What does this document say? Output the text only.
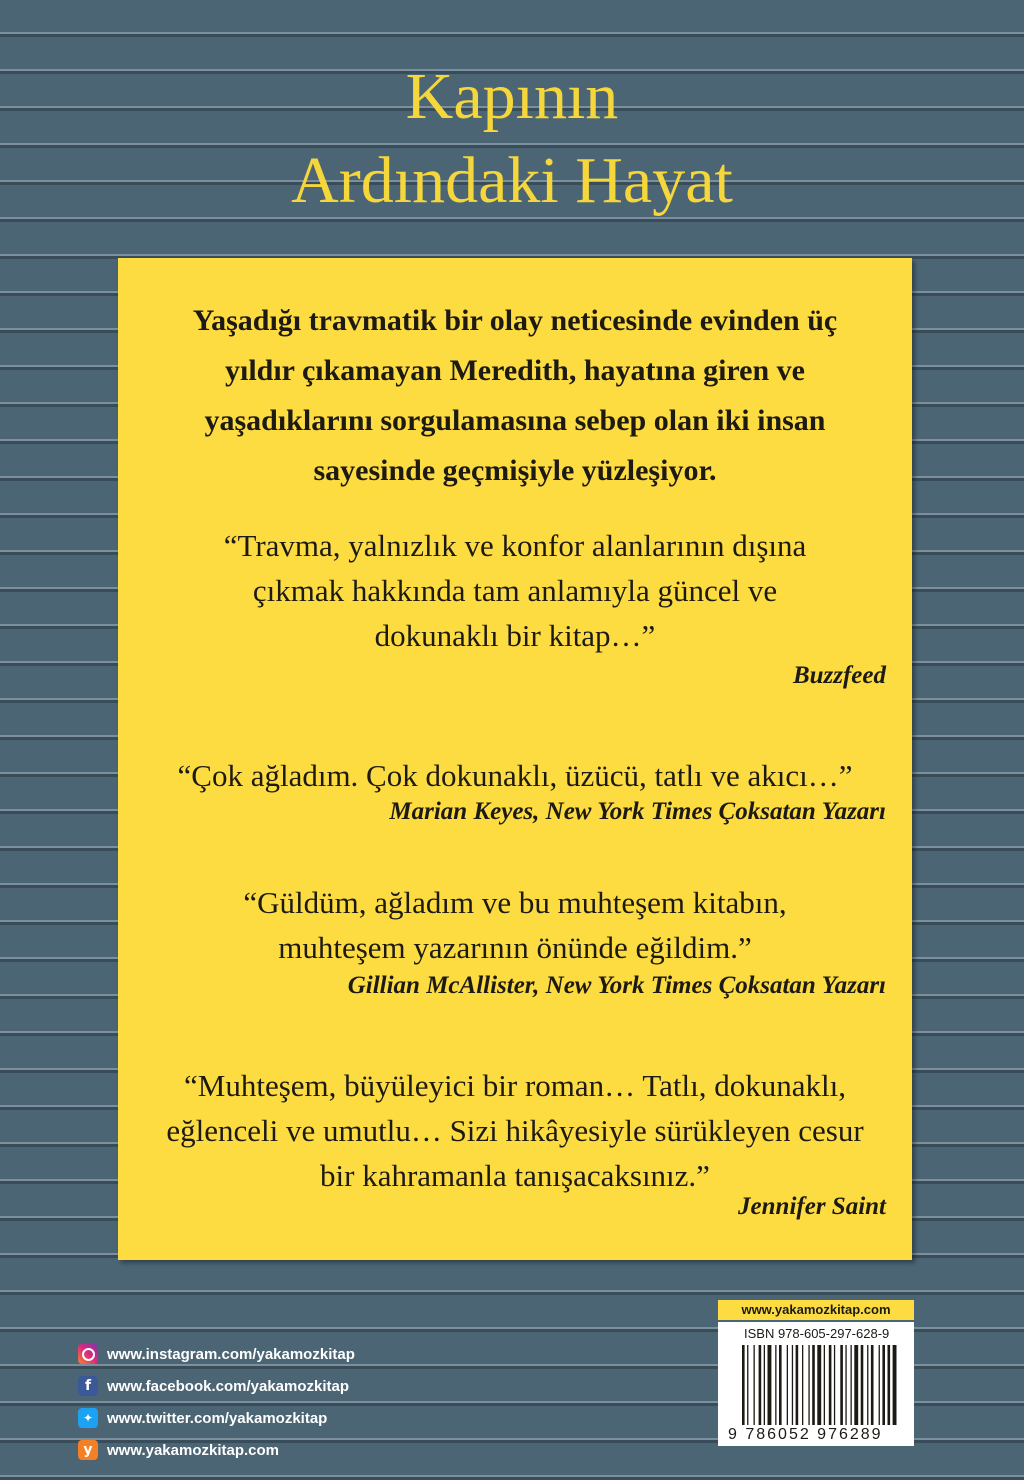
Kapının
Ardındaki Hayat

Yaşadığı travmatik bir olay neticesinde evinden üç
yıldır çıkamayan Meredith, hayatına giren ve
yaşadıklarını sorgulamasına sebep olan iki insan
sayesinde geçmişiyle yüzleşiyor.

“Travma, yalnızlık ve konfor alanlarının dışına
çıkmak hakkında tam anlamıyla güncel ve
dokunaklı bir kitap…”

Buzzfeed

“Çok ağladım. Çok dokunaklı, üzücü, tatlı ve akıcı…”

Marian Keyes, New York Times Çoksatan Yazarı

“Güldüm, ağladım ve bu muhteşem kitabın,
muhteşem yazarının önünde eğildim.”

Gillian McAllister, New York Times Çoksatan Yazarı

“Muhteşem, büyüleyici bir roman… Tatlı, dokunaklı,
eğlenceli ve umutlu… Sizi hikâyesiyle sürükleyen cesur
bir kahramanla tanışacaksınız.”

Jennifer Saint
www.instagram.com/yakamozkitap
f	www.facebook.com/yakamozkitap
✦ www.twitter.com/yakamozkitap
y www.yakamozkitap.com
www.yakamozkitap.com
ISBN 978-605-297-628-9
9 786052 976289
